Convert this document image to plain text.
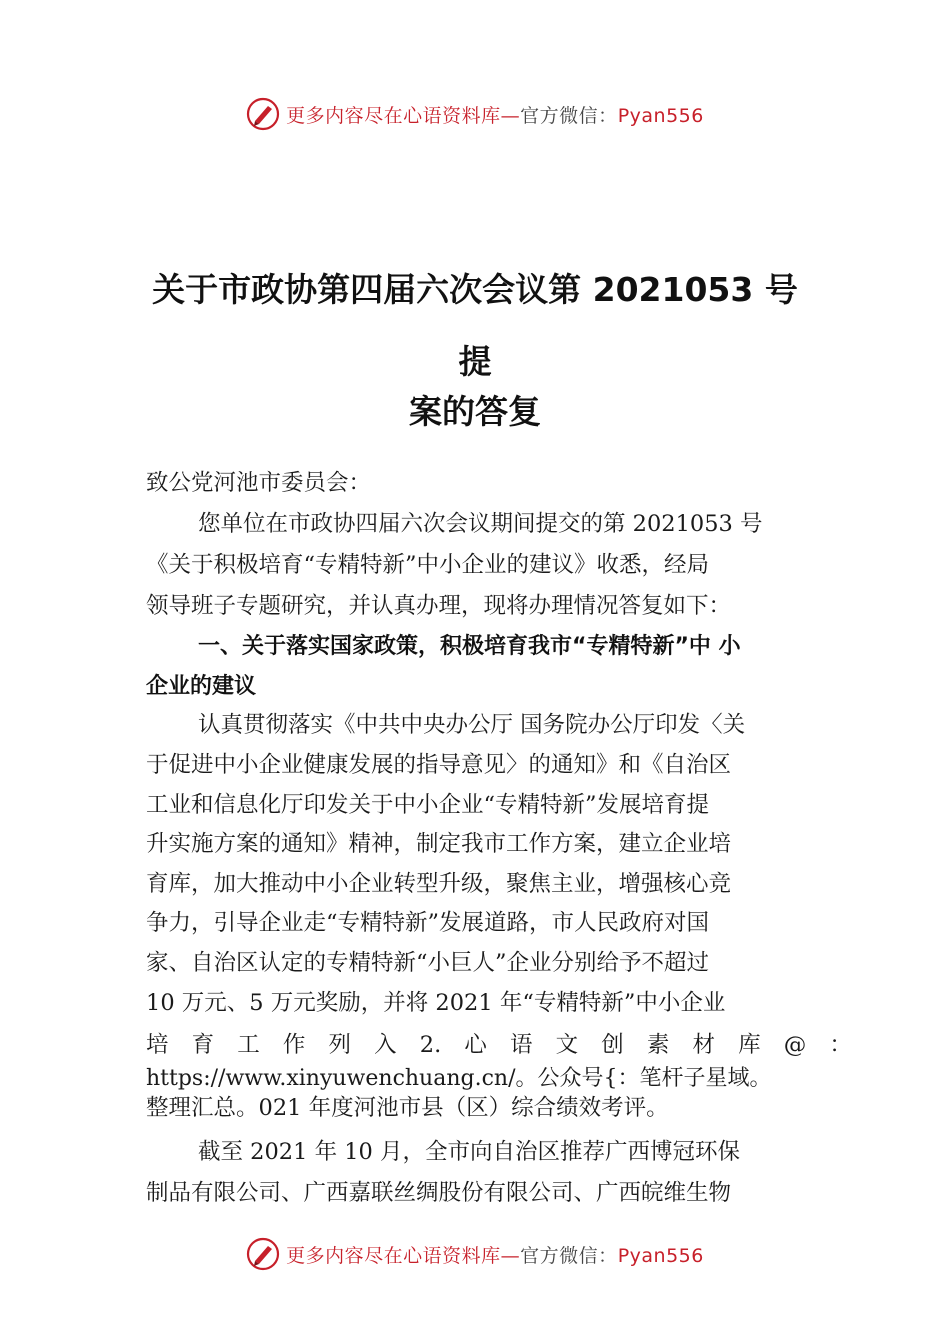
更多内容尽在心语资料库—官方微信：Pyan556
关于市政协第四届六次会议第 2021053 号
提
案的答复
致公党河池市委员会：
您单位在市政协四届六次会议期间提交的第 2021053 号
《关于积极培育“专精特新”中小企业的建议》收悉，经局
领导班子专题研究，并认真办理，现将办理情况答复如下：
一、关于落实国家政策，积极培育我市“专精特新”中 小
企业的建议
认真贯彻落实《中共中央办公厅 国务院办公厅印发〈关
于促进中小企业健康发展的指导意见〉的通知》和《自治区
工业和信息化厅印发关于中小企业“专精特新”发展培育提
升实施方案的通知》精神，制定我市工作方案，建立企业培
育库，加大推动中小企业转型升级，聚焦主业，增强核心竞
争力，引导企业走“专精特新”发展道路，市人民政府对国
家、自治区认定的专精特新“小巨人”企业分别给予不超过
10 万元、5 万元奖励，并将 2021 年“专精特新”中小企业
培 育 工 作 列 入 2. 心 语 文 创 素 材 库 @ ：
https://www.xinyuwenchuang.cn/。公众号{：笔杆子星域。
整理汇总。021 年度河池市县（区）综合绩效考评。
截至 2021 年 10 月，全市向自治区推荐广西博冠环保
制品有限公司、广西嘉联丝绸股份有限公司、广西皖维生物
更多内容尽在心语资料库—官方微信：Pyan556
